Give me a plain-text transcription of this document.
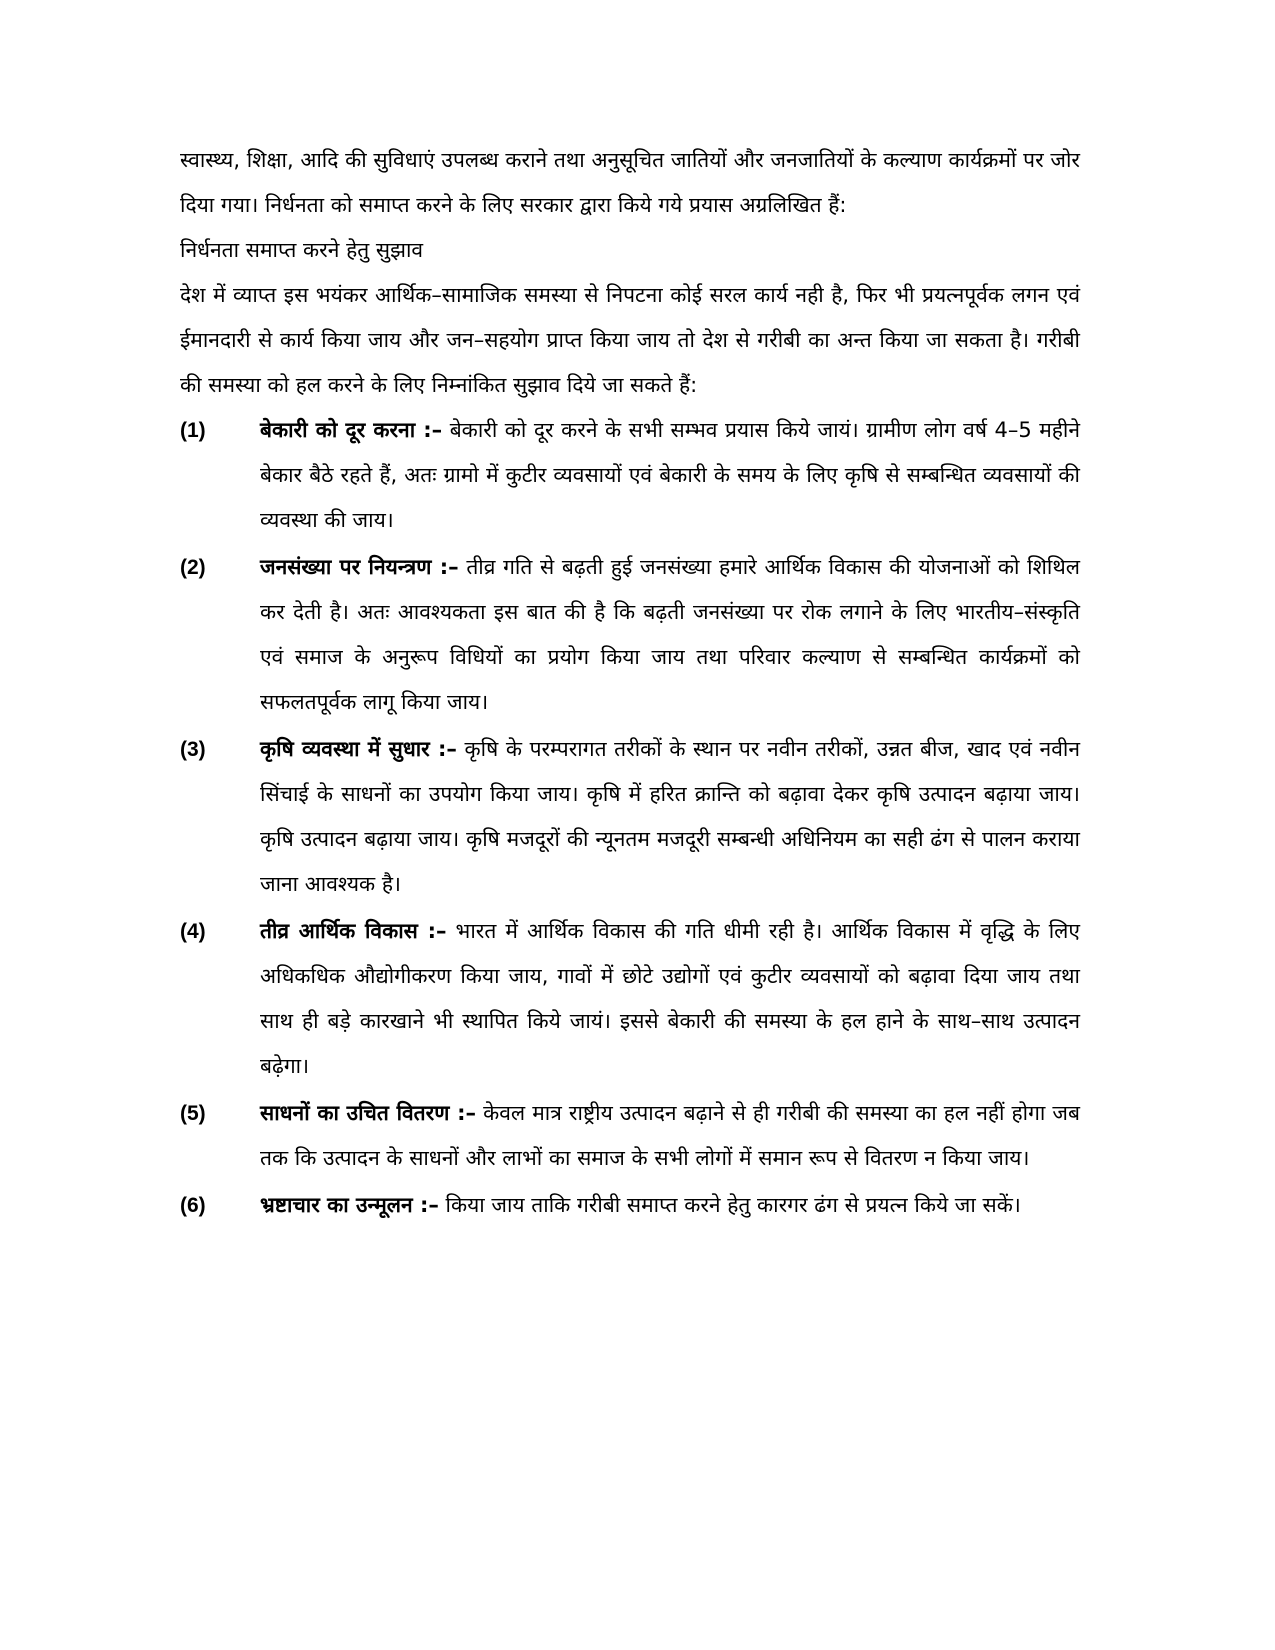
स्वास्थ्य, शिक्षा, आदि की सुविधाएं उपलब्ध कराने तथा अनुसूचित जातियों और जनजातियों के कल्याण कार्यक्रमों पर जोर दिया गया। निर्धनता को समाप्त करने के लिए सरकार द्वारा किये गये प्रयास अग्रलिखित हैं:

निर्धनता समाप्त करने हेतु सुझाव

देश में व्याप्त इस भयंकर आर्थिक–सामाजिक समस्या से निपटना कोई सरल कार्य नही है, फिर भी प्रयत्नपूर्वक लगन एवं ईमानदारी से कार्य किया जाय और जन–सहयोग प्राप्त किया जाय तो देश से गरीबी का अन्त किया जा सकता है। गरीबी की समस्या को हल करने के लिए निम्नांकित सुझाव दिये जा सकते हैं:

(1)	बेकारी को दूर करना :– बेकारी को दूर करने के सभी सम्भव प्रयास किये जायं। ग्रामीण लोग वर्ष 4–5 महीने बेकार बैठे रहते हैं, अतः ग्रामो में कुटीर व्यवसायों एवं बेकारी के समय के लिए कृषि से सम्बन्धित व्यवसायों की व्यवस्था की जाय।
(2)	जनसंख्या पर नियन्त्रण :– तीव्र गति से बढ़ती हुई जनसंख्या हमारे आर्थिक विकास की योजनाओं को शिथिल कर देती है। अतः आवश्यकता इस बात की है कि बढ़ती जनसंख्या पर रोक लगाने के लिए भारतीय–संस्कृति एवं समाज के अनुरूप विधियों का प्रयोग किया जाय तथा परिवार कल्याण से सम्बन्धित कार्यक्रमों को सफलतपूर्वक लागू किया जाय।
(3)	कृषि व्यवस्था में सुधार :– कृषि के परम्परागत तरीकों के स्थान पर नवीन तरीकों, उन्नत बीज, खाद एवं नवीन सिंचाई के साधनों का उपयोग किया जाय। कृषि में हरित क्रान्ति को बढ़ावा देकर कृषि उत्पादन बढ़ाया जाय। कृषि उत्पादन बढ़ाया जाय। कृषि मजदूरों की न्यूनतम मजदूरी सम्बन्धी अधिनियम का सही ढंग से पालन कराया जाना आवश्यक है।
(4)	तीव्र आर्थिक विकास :– भारत में आर्थिक विकास की गति धीमी रही है। आर्थिक विकास में वृद्धि के लिए अधिकधिक औद्योगीकरण किया जाय, गावों में छोटे उद्योगों एवं कुटीर व्यवसायों को बढ़ावा दिया जाय तथा साथ ही बड़े कारखाने भी स्थापित किये जायं। इससे बेकारी की समस्या के हल हाने के साथ–साथ उत्पादन बढ़ेगा।
(5)	साधनों का उचित वितरण :– केवल मात्र राष्ट्रीय उत्पादन बढ़ाने से ही गरीबी की समस्या का हल नहीं होगा जब तक कि उत्पादन के साधनों और लाभों का समाज के सभी लोगों में समान रूप से वितरण न किया जाय।
(6)	भ्रष्टाचार का उन्मूलन :– किया जाय ताकि गरीबी समाप्त करने हेतु कारगर ढंग से प्रयत्न किये जा सकें।
